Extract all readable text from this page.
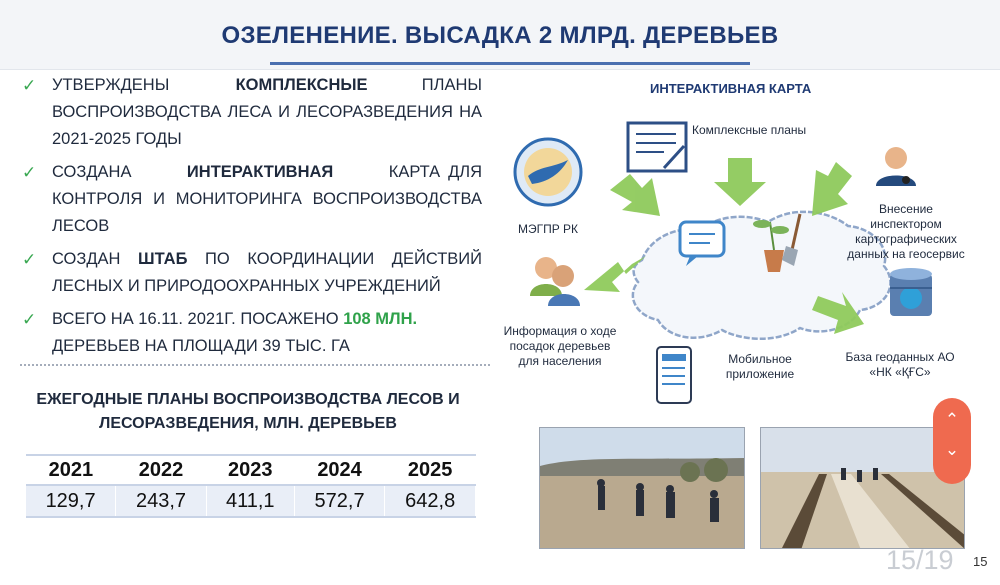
ОЗЕЛЕНЕНИЕ. ВЫСАДКА 2 МЛРД. ДЕРЕВЬЕВ
✓ УТВЕРЖДЕНЫ	КОМПЛЕКСНЫЕ	ПЛАНЫ ВОСПРОИЗВОДСТВА ЛЕСА И ЛЕСОРАЗВЕДЕНИЯ НА 2021-2025 ГОДЫ
✓ СОЗДАНА	ИНТЕРАКТИВНАЯ	КАРТА ДЛЯ КОНТРОЛЯ И МОНИТОРИНГА ВОСПРОИЗВОДСТВА ЛЕСОВ
✓ СОЗДАН ШТАБ ПО КООРДИНАЦИИ ДЕЙСТВИЙ ЛЕСНЫХ И ПРИРОДООХРАННЫХ УЧРЕЖДЕНИЙ
✓ ВСЕГО НА 16.11. 2021Г. ПОСАЖЕНО 108 МЛН. ДЕРЕВЬЕВ НА ПЛОЩАДИ 39 ТЫС. ГА
ЕЖЕГОДНЫЕ ПЛАНЫ ВОСПРОИЗВОДСТВА ЛЕСОВ И ЛЕСОРАЗВЕДЕНИЯ, МЛН. ДЕРЕВЬЕВ
2021	2022	2023	2024	2025
129,7	243,7	411,1	572,7	642,8
ИНТЕРАКТИВНАЯ КАРТА
Комплексные планы
МЭГПР РК
Внесение инспектором картографических данных на геосервис
Информация о ходе посадок деревьев для населения	Мобильное приложение
База геоданных АО «НК «ҚҒС»
⌃
⌄
15/19 15
